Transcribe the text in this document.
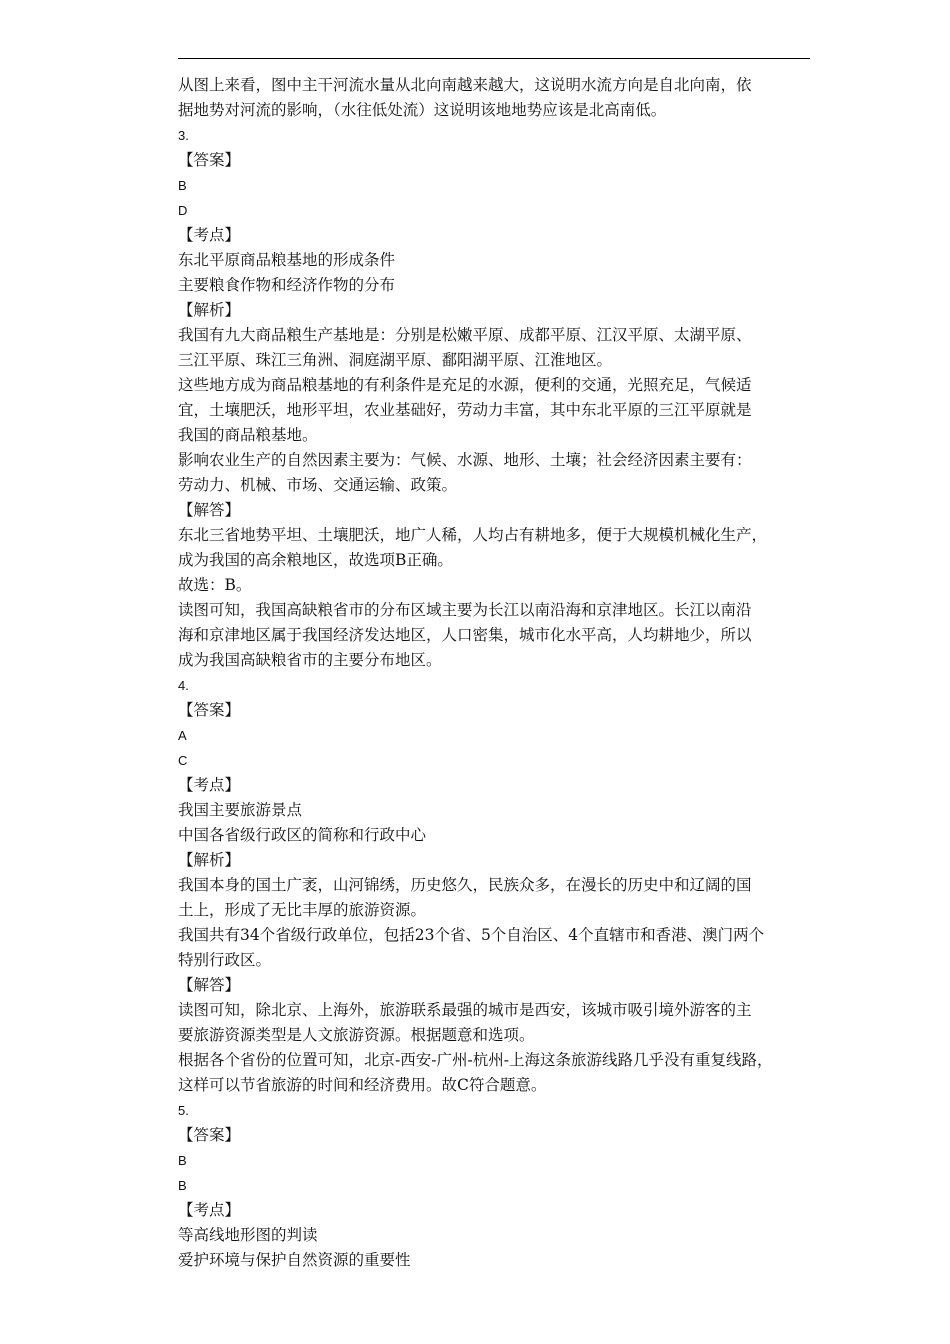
从图上来看，图中主干河流水量从北向南越来越大，这说明水流方向是自北向南，依
据地势对河流的影响，（水往低处流）这说明该地地势应该是北高南低。
3.
【答案】
B
D
【考点】
东北平原商品粮基地的形成条件
主要粮食作物和经济作物的分布
【解析】
我国有九大商品粮生产基地是：分别是松嫩平原、成都平原、江汉平原、太湖平原、
三江平原、珠江三角洲、洞庭湖平原、鄱阳湖平原、江淮地区。
这些地方成为商品粮基地的有利条件是充足的水源，便利的交通，光照充足，气候适
宜，土壤肥沃，地形平坦，农业基础好，劳动力丰富，其中东北平原的三江平原就是
我国的商品粮基地。
影响农业生产的自然因素主要为：气候、水源、地形、土壤；社会经济因素主要有：
劳动力、机械、市场、交通运输、政策。
【解答】
东北三省地势平坦、土壤肥沃，地广人稀，人均占有耕地多，便于大规模机械化生产，
成为我国的高余粮地区，故选项B正确。
故选：B。
读图可知，我国高缺粮省市的分布区域主要为长江以南沿海和京津地区。长江以南沿
海和京津地区属于我国经济发达地区，人口密集，城市化水平高，人均耕地少，所以
成为我国高缺粮省市的主要分布地区。
4.
【答案】
A
C
【考点】
我国主要旅游景点
中国各省级行政区的简称和行政中心
【解析】
我国本身的国土广袤，山河锦绣，历史悠久，民族众多，在漫长的历史中和辽阔的国
土上，形成了无比丰厚的旅游资源。
我国共有34个省级行政单位，包括23个省、5个自治区、4个直辖市和香港、澳门两个
特别行政区。
【解答】
读图可知，除北京、上海外，旅游联系最强的城市是西安，该城市吸引境外游客的主
要旅游资源类型是人文旅游资源。根据题意和选项。
根据各个省份的位置可知，北京-西安-广州-杭州-上海这条旅游线路几乎没有重复线路，
这样可以节省旅游的时间和经济费用。故C符合题意。
5.
【答案】
B
B
【考点】
等高线地形图的判读
爱护环境与保护自然资源的重要性
